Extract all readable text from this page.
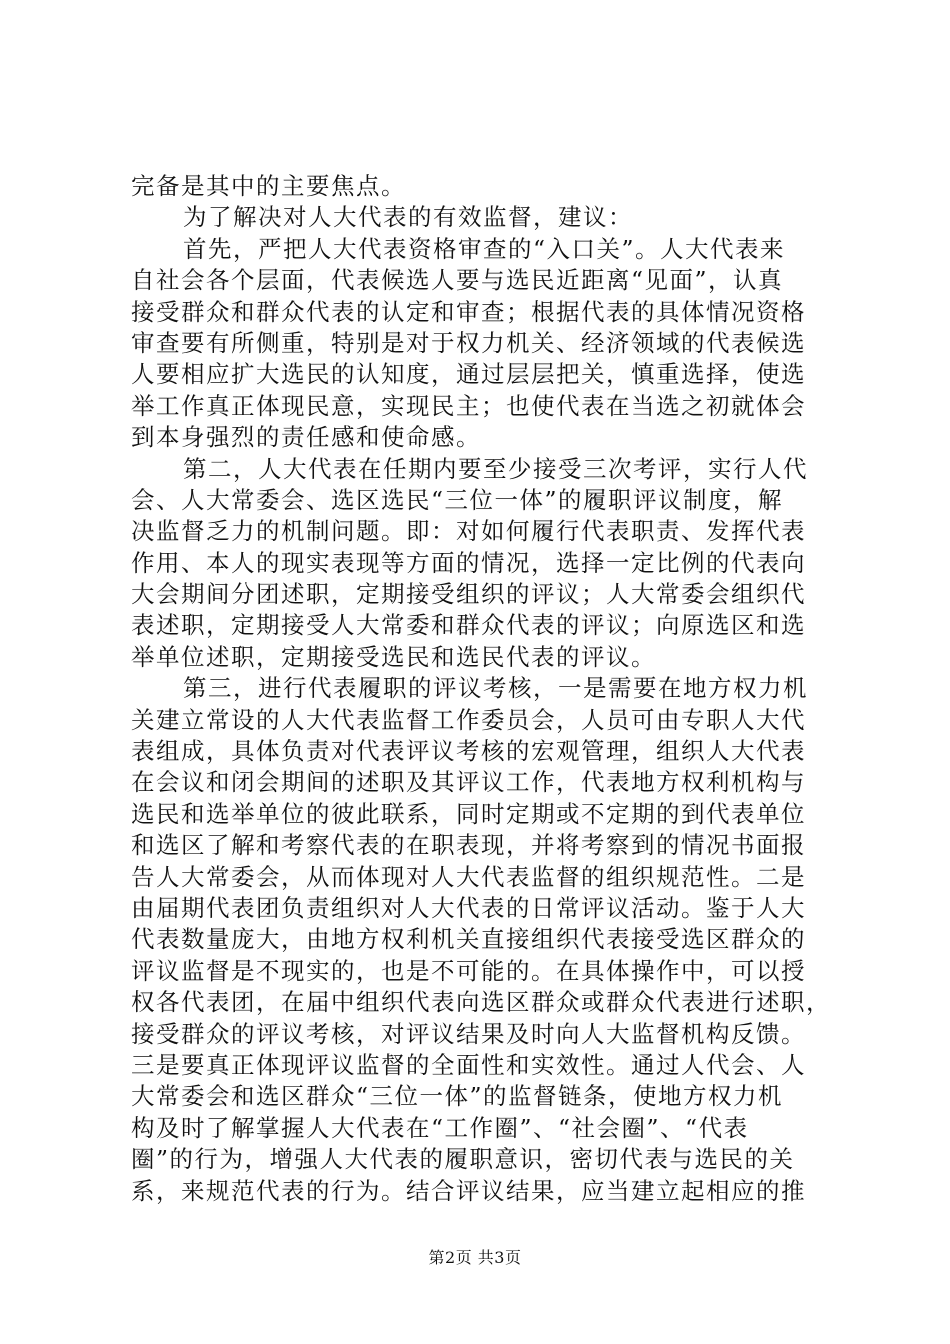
完备是其中的主要焦点。
为了解决对人大代表的有效监督，建议：
首先，严把人大代表资格审查的“入口关”。人大代表来
自社会各个层面，代表候选人要与选民近距离“见面”，认真
接受群众和群众代表的认定和审查；根据代表的具体情况资格
审查要有所侧重，特别是对于权力机关、经济领域的代表候选
人要相应扩大选民的认知度，通过层层把关，慎重选择，使选
举工作真正体现民意，实现民主；也使代表在当选之初就体会
到本身强烈的责任感和使命感。
第二，人大代表在任期内要至少接受三次考评，实行人代
会、人大常委会、选区选民“三位一体”的履职评议制度，解
决监督乏力的机制问题。即：对如何履行代表职责、发挥代表
作用、本人的现实表现等方面的情况，选择一定比例的代表向
大会期间分团述职，定期接受组织的评议；人大常委会组织代
表述职，定期接受人大常委和群众代表的评议；向原选区和选
举单位述职，定期接受选民和选民代表的评议。
第三，进行代表履职的评议考核，一是需要在地方权力机
关建立常设的人大代表监督工作委员会，人员可由专职人大代
表组成，具体负责对代表评议考核的宏观管理，组织人大代表
在会议和闭会期间的述职及其评议工作，代表地方权利机构与
选民和选举单位的彼此联系，同时定期或不定期的到代表单位
和选区了解和考察代表的在职表现，并将考察到的情况书面报
告人大常委会，从而体现对人大代表监督的组织规范性。二是
由届期代表团负责组织对人大代表的日常评议活动。鉴于人大
代表数量庞大，由地方权利机关直接组织代表接受选区群众的
评议监督是不现实的，也是不可能的。在具体操作中，可以授
权各代表团，在届中组织代表向选区群众或群众代表进行述职，
接受群众的评议考核，对评议结果及时向人大监督机构反馈。
三是要真正体现评议监督的全面性和实效性。通过人代会、人
大常委会和选区群众“三位一体”的监督链条，使地方权力机
构及时了解掌握人大代表在“工作圈”、“社会圈”、“代表
圈”的行为，增强人大代表的履职意识，密切代表与选民的关
系，来规范代表的行为。结合评议结果，应当建立起相应的推
第2页 共3页
